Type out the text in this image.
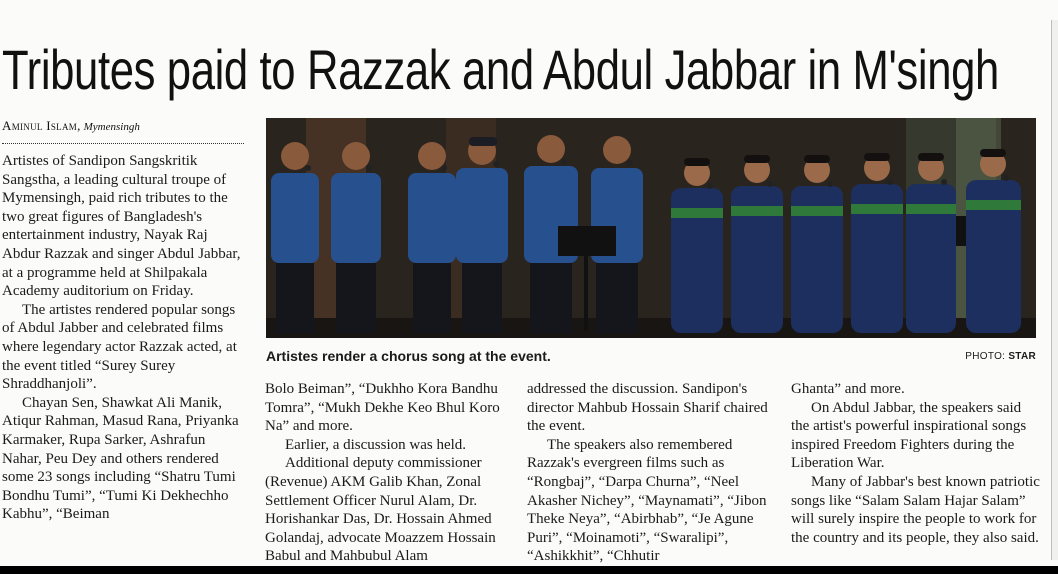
Tributes paid to Razzak and Abdul Jabbar in M'singh
Aminul Islam, Mymensingh

Artistes of Sandipon Sangskritik Sangstha, a leading cultural troupe of Mymensingh, paid rich tributes to the two great figures of Bangladesh's entertainment industry, Nayak Raj Abdur Razzak and singer Abdul Jabbar, at a programme held at Shilpakala Academy auditorium on Friday.

The artistes rendered popular songs of Abdul Jabber and celebrated films where legendary actor Razzak acted, at the event titled “Surey Surey Shraddhanjoli”.

Chayan Sen, Shawkat Ali Manik, Atiqur Rahman, Masud Rana, Priyanka Karmaker, Rupa Sarker, Ashrafun Nahar, Peu Dey and others rendered some 23 songs including “Shatru Tumi Bondhu Tumi”, “Tumi Ki Dekhechho Kabhu”, “Beiman

Artistes render a chorus song at the event.	PHOTO: STAR

Bolo Beiman”, “Dukhho Kora Bandhu Tomra”, “Mukh Dekhe Keo Bhul Koro Na” and more.

Earlier, a discussion was held.

Additional deputy commissioner (Revenue) AKM Galib Khan, Zonal Settlement Officer Nurul Alam, Dr. Horishankar Das, Dr. Hossain Ahmed Golandaj, advocate Moazzem Hossain Babul and Mahbubul Alam

addressed the discussion. Sandipon's director Mahbub Hossain Sharif chaired the event.

The speakers also remembered Razzak's evergreen films such as “Rongbaj”, “Darpa Churna”, “Neel Akasher Nichey”, “Maynamati”, “Jibon Theke Neya”, “Abirbhab”, “Je Agune Puri”, “Moinamoti”, “Swaralipi”, “Ashikkhit”, “Chhutir

Ghanta” and more.

On Abdul Jabbar, the speakers said the artist's powerful inspirational songs inspired Freedom Fighters during the Liberation War.

Many of Jabbar's best known patriotic songs like “Salam Salam Hajar Salam” will surely inspire the people to work for the country and its people, they also said.
